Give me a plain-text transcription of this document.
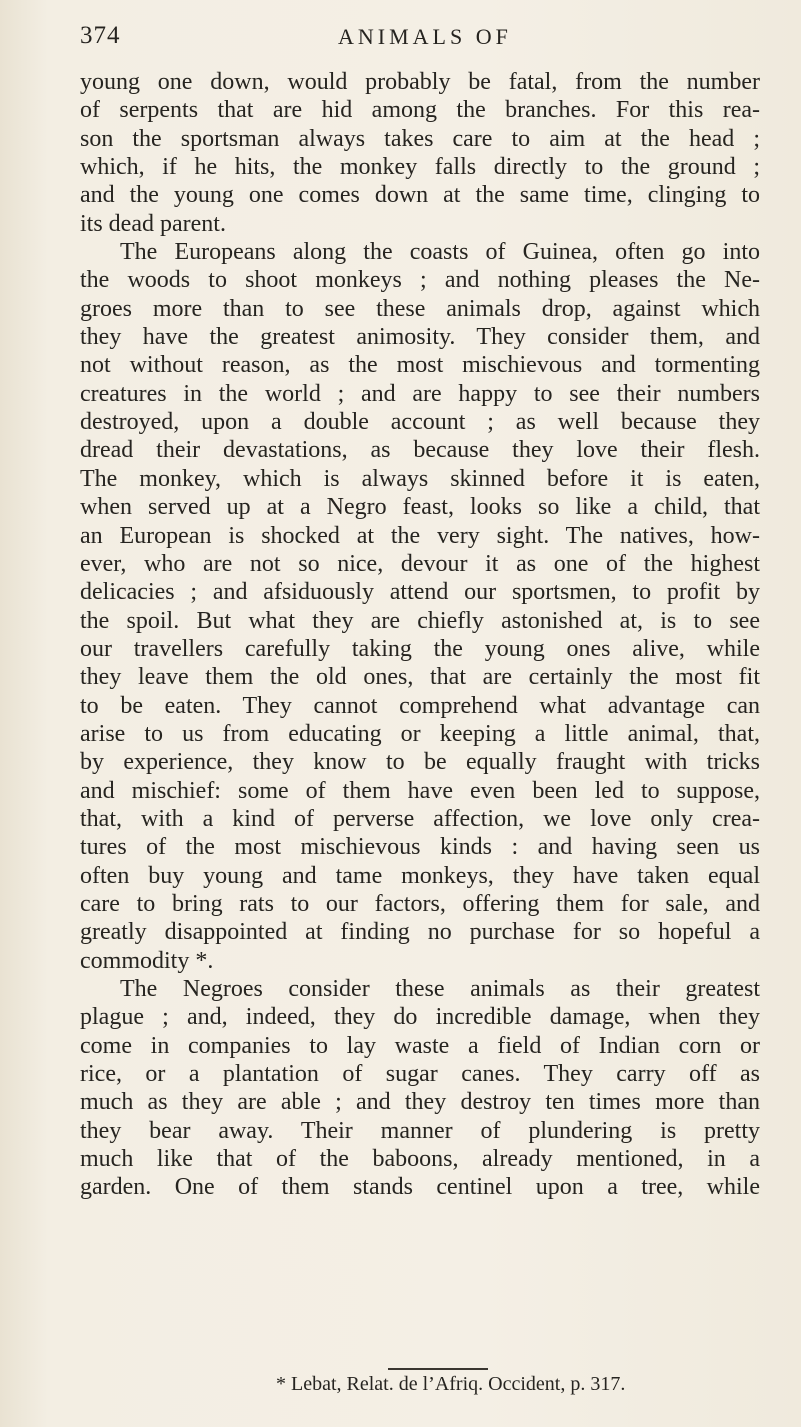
374	ANIMALS OF
young one down, would probably be fatal, from the number
of serpents that are hid among the branches. For this rea-
son the sportsman always takes care to aim at the head ;
which, if he hits, the monkey falls directly to the ground ;
and the young one comes down at the same time, clinging to
its dead parent.
The Europeans along the coasts of Guinea, often go into
the woods to shoot monkeys ; and nothing pleases the Ne-
groes more than to see these animals drop, against which
they have the greatest animosity. They consider them, and
not without reason, as the most mischievous and tormenting
creatures in the world ; and are happy to see their numbers
destroyed, upon a double account ; as well because they
dread their devastations, as because they love their flesh.
The monkey, which is always skinned before it is eaten,
when served up at a Negro feast, looks so like a child, that
an European is shocked at the very sight. The natives, how-
ever, who are not so nice, devour it as one of the highest
delicacies ; and afsiduously attend our sportsmen, to profit by
the spoil. But what they are chiefly astonished at, is to see
our travellers carefully taking the young ones alive, while
they leave them the old ones, that are certainly the most fit
to be eaten. They cannot comprehend what advantage can
arise to us from educating or keeping a little animal, that,
by experience, they know to be equally fraught with tricks
and mischief: some of them have even been led to suppose,
that, with a kind of perverse affection, we love only crea-
tures of the most mischievous kinds : and having seen us
often buy young and tame monkeys, they have taken equal
care to bring rats to our factors, offering them for sale, and
greatly disappointed at finding no purchase for so hopeful a
commodity *.
The Negroes consider these animals as their greatest
plague ; and, indeed, they do incredible damage, when they
come in companies to lay waste a field of Indian corn or
rice, or a plantation of sugar canes. They carry off as
much as they are able ; and they destroy ten times more than
they bear away. Their manner of plundering is pretty
much like that of the baboons, already mentioned, in a
garden. One of them stands centinel upon a tree, while
* Lebat, Relat. de l’Afriq. Occident, p. 317.
